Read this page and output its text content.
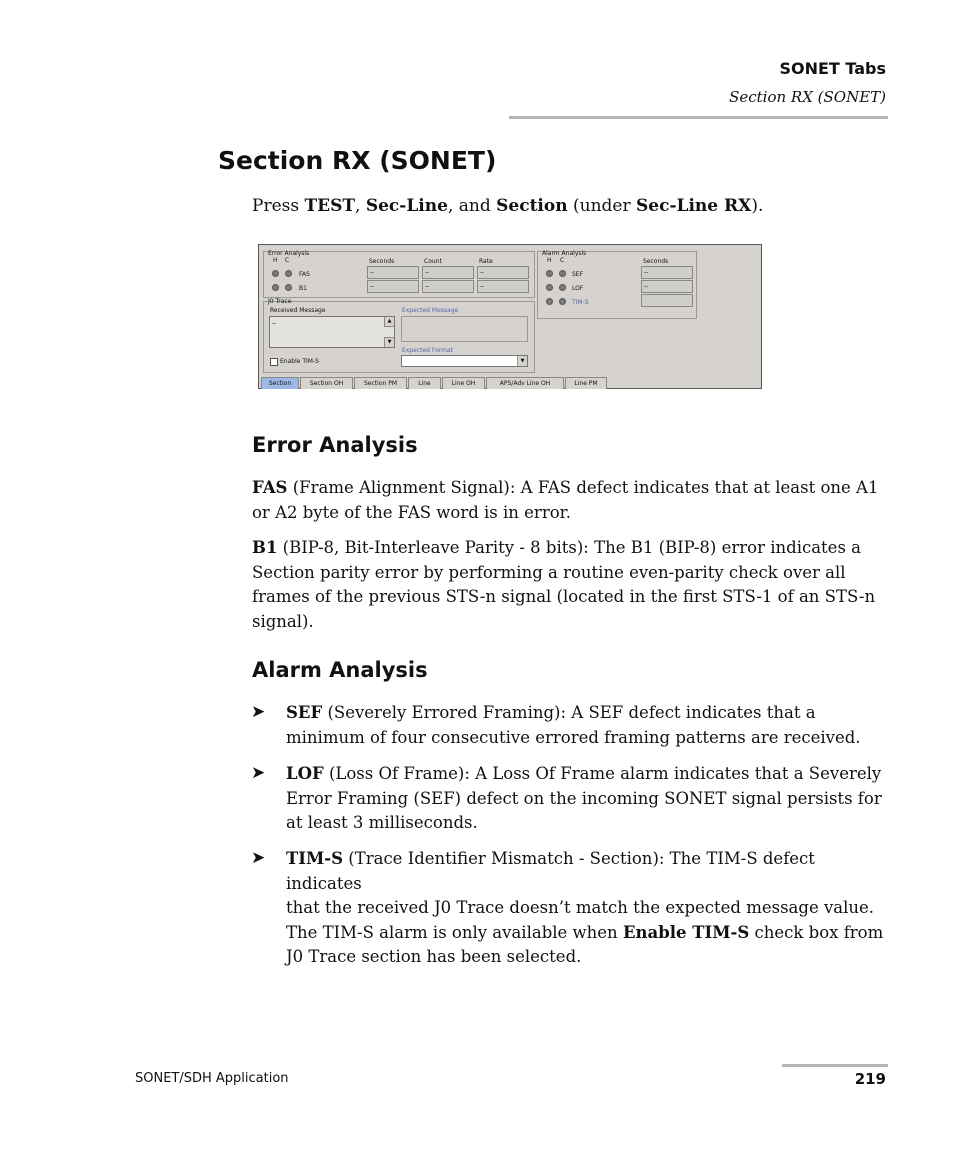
SONET Tabs
Section RX (SONET)
Section RX (SONET)
Press TEST, Sec-Line, and Section (under Sec-Line RX).
Error Analysis
H C	Seconds	Count	Rate
FAS	--	--	--
B1	--	--	--
J0 Trace
Received Message
--	▲
▼
Expected Message
Expected Format
▼
Enable TIM-S
Alarm Analysis
H C	Seconds
SEF	--
LOF	--
TIM-S
Section	Section OH	Section PM	Line	Line OH	APS/Adv Line OH	Line PM
Error Analysis
FAS (Frame Alignment Signal): A FAS defect indicates that at least one A1
or A2 byte of the FAS word is in error.
B1 (BIP-8, Bit-Interleave Parity - 8 bits): The B1 (BIP-8) error indicates a
Section parity error by performing a routine even-parity check over all
frames of the previous STS-n signal (located in the first STS-1 of an STS-n
signal).
Alarm Analysis
➤ SEF (Severely Errored Framing): A SEF defect indicates that a
minimum of four consecutive errored framing patterns are received.
➤ LOF (Loss Of Frame): A Loss Of Frame alarm indicates that a Severely
Error Framing (SEF) defect on the incoming SONET signal persists for
at least 3 milliseconds.
➤ TIM-S (Trace Identifier Mismatch - Section): The TIM-S defect indicates
that the received J0 Trace doesn’t match the expected message value.
The TIM-S alarm is only available when Enable TIM-S check box from
J0 Trace section has been selected.
SONET/SDH Application	219
